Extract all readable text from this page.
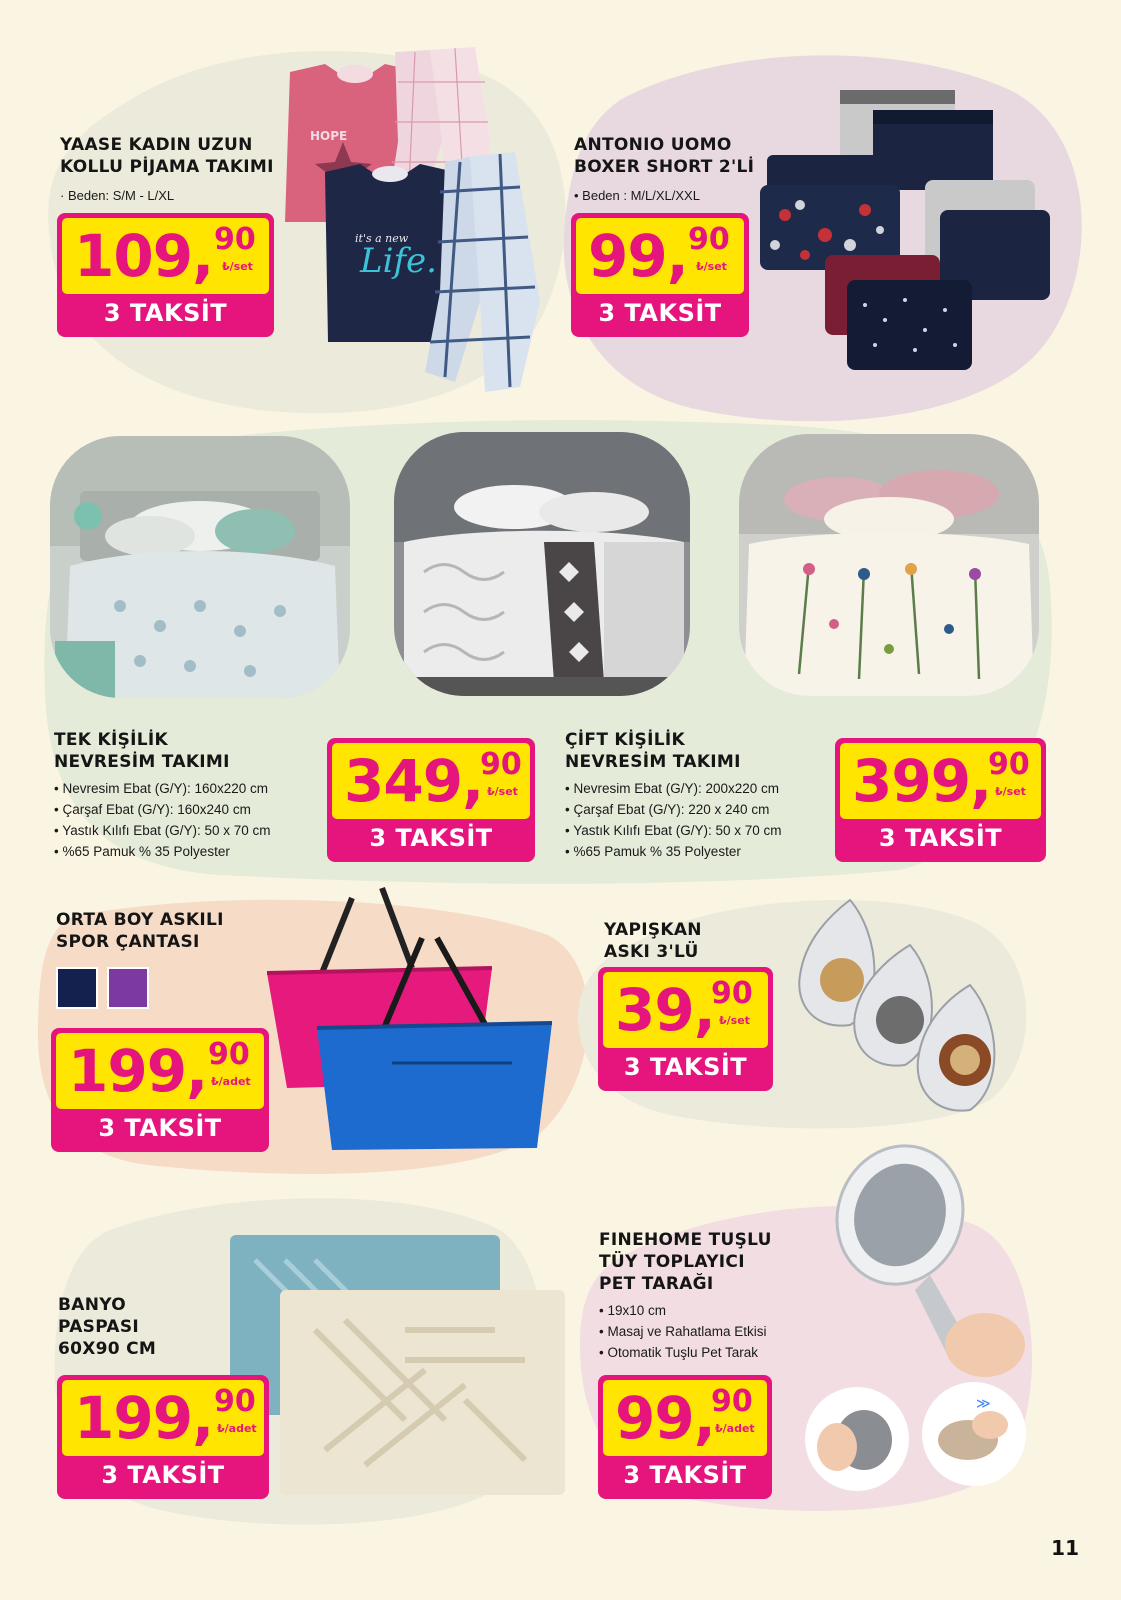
YAASE KADIN UZUN
KOLLU PİJAMA TAKIMI
· Beden: S/M - L/XL
HOPE
Life.
it's a new
109, 90
₺/set
3 TAKSİT
ANTONIO UOMO
BOXER SHORT 2'Lİ
• Beden : M/L/XL/XXL
99, 90
₺/set
3 TAKSİT
TEK KİŞİLİK
NEVRESİM TAKIMI
• Nevresim Ebat (G/Y): 160x220 cm
• Çarşaf Ebat (G/Y): 160x240 cm
• Yastık Kılıfı Ebat (G/Y): 50 x 70 cm
• %65 Pamuk % 35 Polyester
349,
90
₺/set
3 TAKSİT
ÇİFT KİŞİLİK
NEVRESİM TAKIMI
• Nevresim Ebat (G/Y): 200x220 cm
• Çarşaf Ebat (G/Y): 220 x 240 cm
• Yastık Kılıfı Ebat (G/Y): 50 x 70 cm
• %65 Pamuk % 35 Polyester
399,
90
₺/set
3 TAKSİT
ORTA BOY ASKILI
SPOR ÇANTASI
199, 90
₺/adet
3 TAKSİT
YAPIŞKAN
ASKI 3'LÜ
39,
90
₺/set
3 TAKSİT
BANYO
PASPASI
60X90 CM
199, 90
₺/adet
3 TAKSİT
FINEHOME TUŞLU
TÜY TOPLAYICI
PET TARAĞI
• 19x10 cm
• Masaj ve Rahatlama Etkisi
• Otomatik Tuşlu Pet Tarak
≫
99,
90
₺/adet
3 TAKSİT
11
